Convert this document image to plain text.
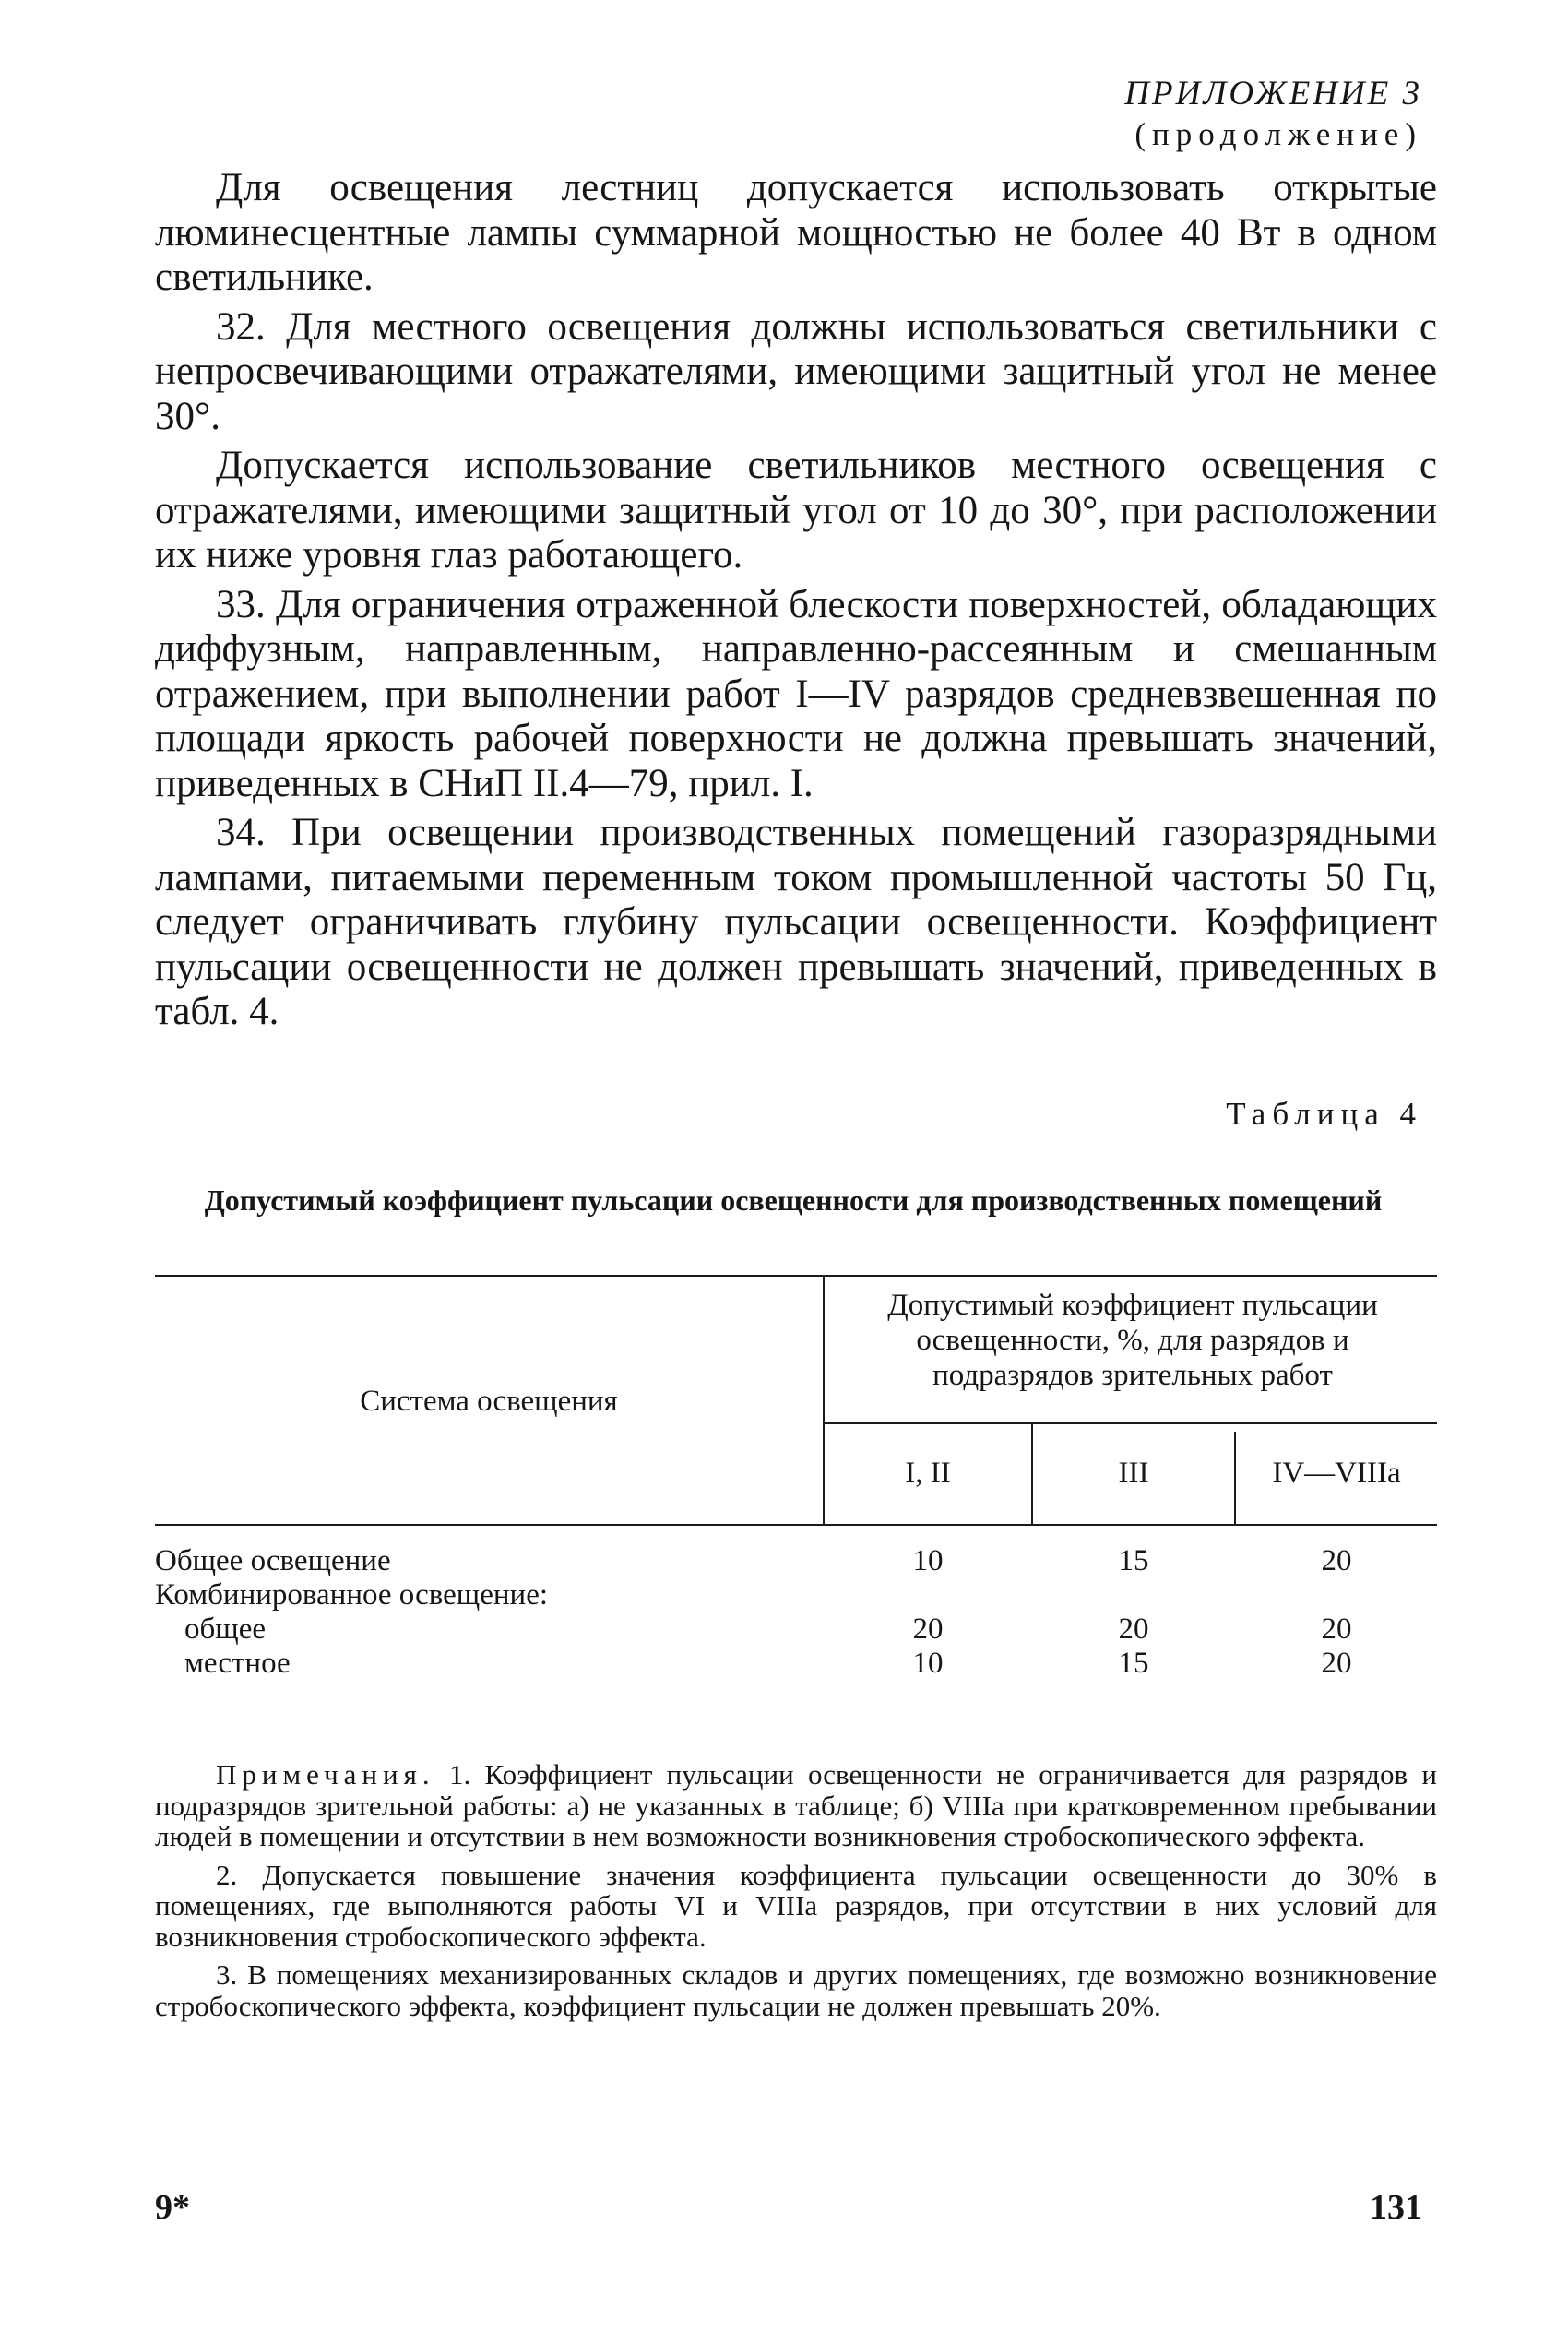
ПРИЛОЖЕНИЕ 3
(продолжение)

Для освещения лестниц допускается использовать открытые люминесцентные лампы суммарной мощностью не более 40 Вт в одном светильнике.

32. Для местного освещения должны использоваться светильники с непросвечивающими отражателями, имеющими защитный угол не менее 30°.

Допускается использование светильников местного освещения с отражателями, имеющими защитный угол от 10 до 30°, при расположении их ниже уровня глаз работающего.

33. Для ограничения отраженной блескости поверхностей, обладающих диффузным, направленным, направленно-рассеянным и смешанным отражением, при выполнении работ I—IV разрядов средневзвешенная по площади яркость рабочей поверхности не должна превышать значений, приведенных в СНиП II.4—79, прил. I.

34. При освещении производственных помещений газоразрядными лампами, питаемыми переменным током промышленной частоты 50 Гц, следует ограничивать глубину пульсации освещенности. Коэффициент пульсации освещенности не должен превышать значений, приведенных в табл. 4.

Таблица 4
Допустимый коэффициент пульсации освещенности для производственных помещений
Система освещения
Допустимый коэффициент пульсации освещенности, %, для разрядов и подразрядов зрительных работ
I, II	III	IV—VIIIа
Общее освещение	10	15	20
Комбинированное освещение:
общее	20	20	20
местное	10	15	20

Примечания. 1. Коэффициент пульсации освещенности не ограничивается для разрядов и подразрядов зрительной работы: а) не указанных в таблице; б) VIIIа при кратковременном пребывании людей в помещении и отсутствии в нем возможности возникновения стробоскопического эффекта.

2. Допускается повышение значения коэффициента пульсации освещенности до 30% в помещениях, где выполняются работы VI и VIIIа разрядов, при отсутствии в них условий для возникновения стробоскопического эффекта.

3. В помещениях механизированных складов и других помещениях, где возможно возникновение стробоскопического эффекта, коэффициент пульсации не должен превышать 20%.

9*	131
